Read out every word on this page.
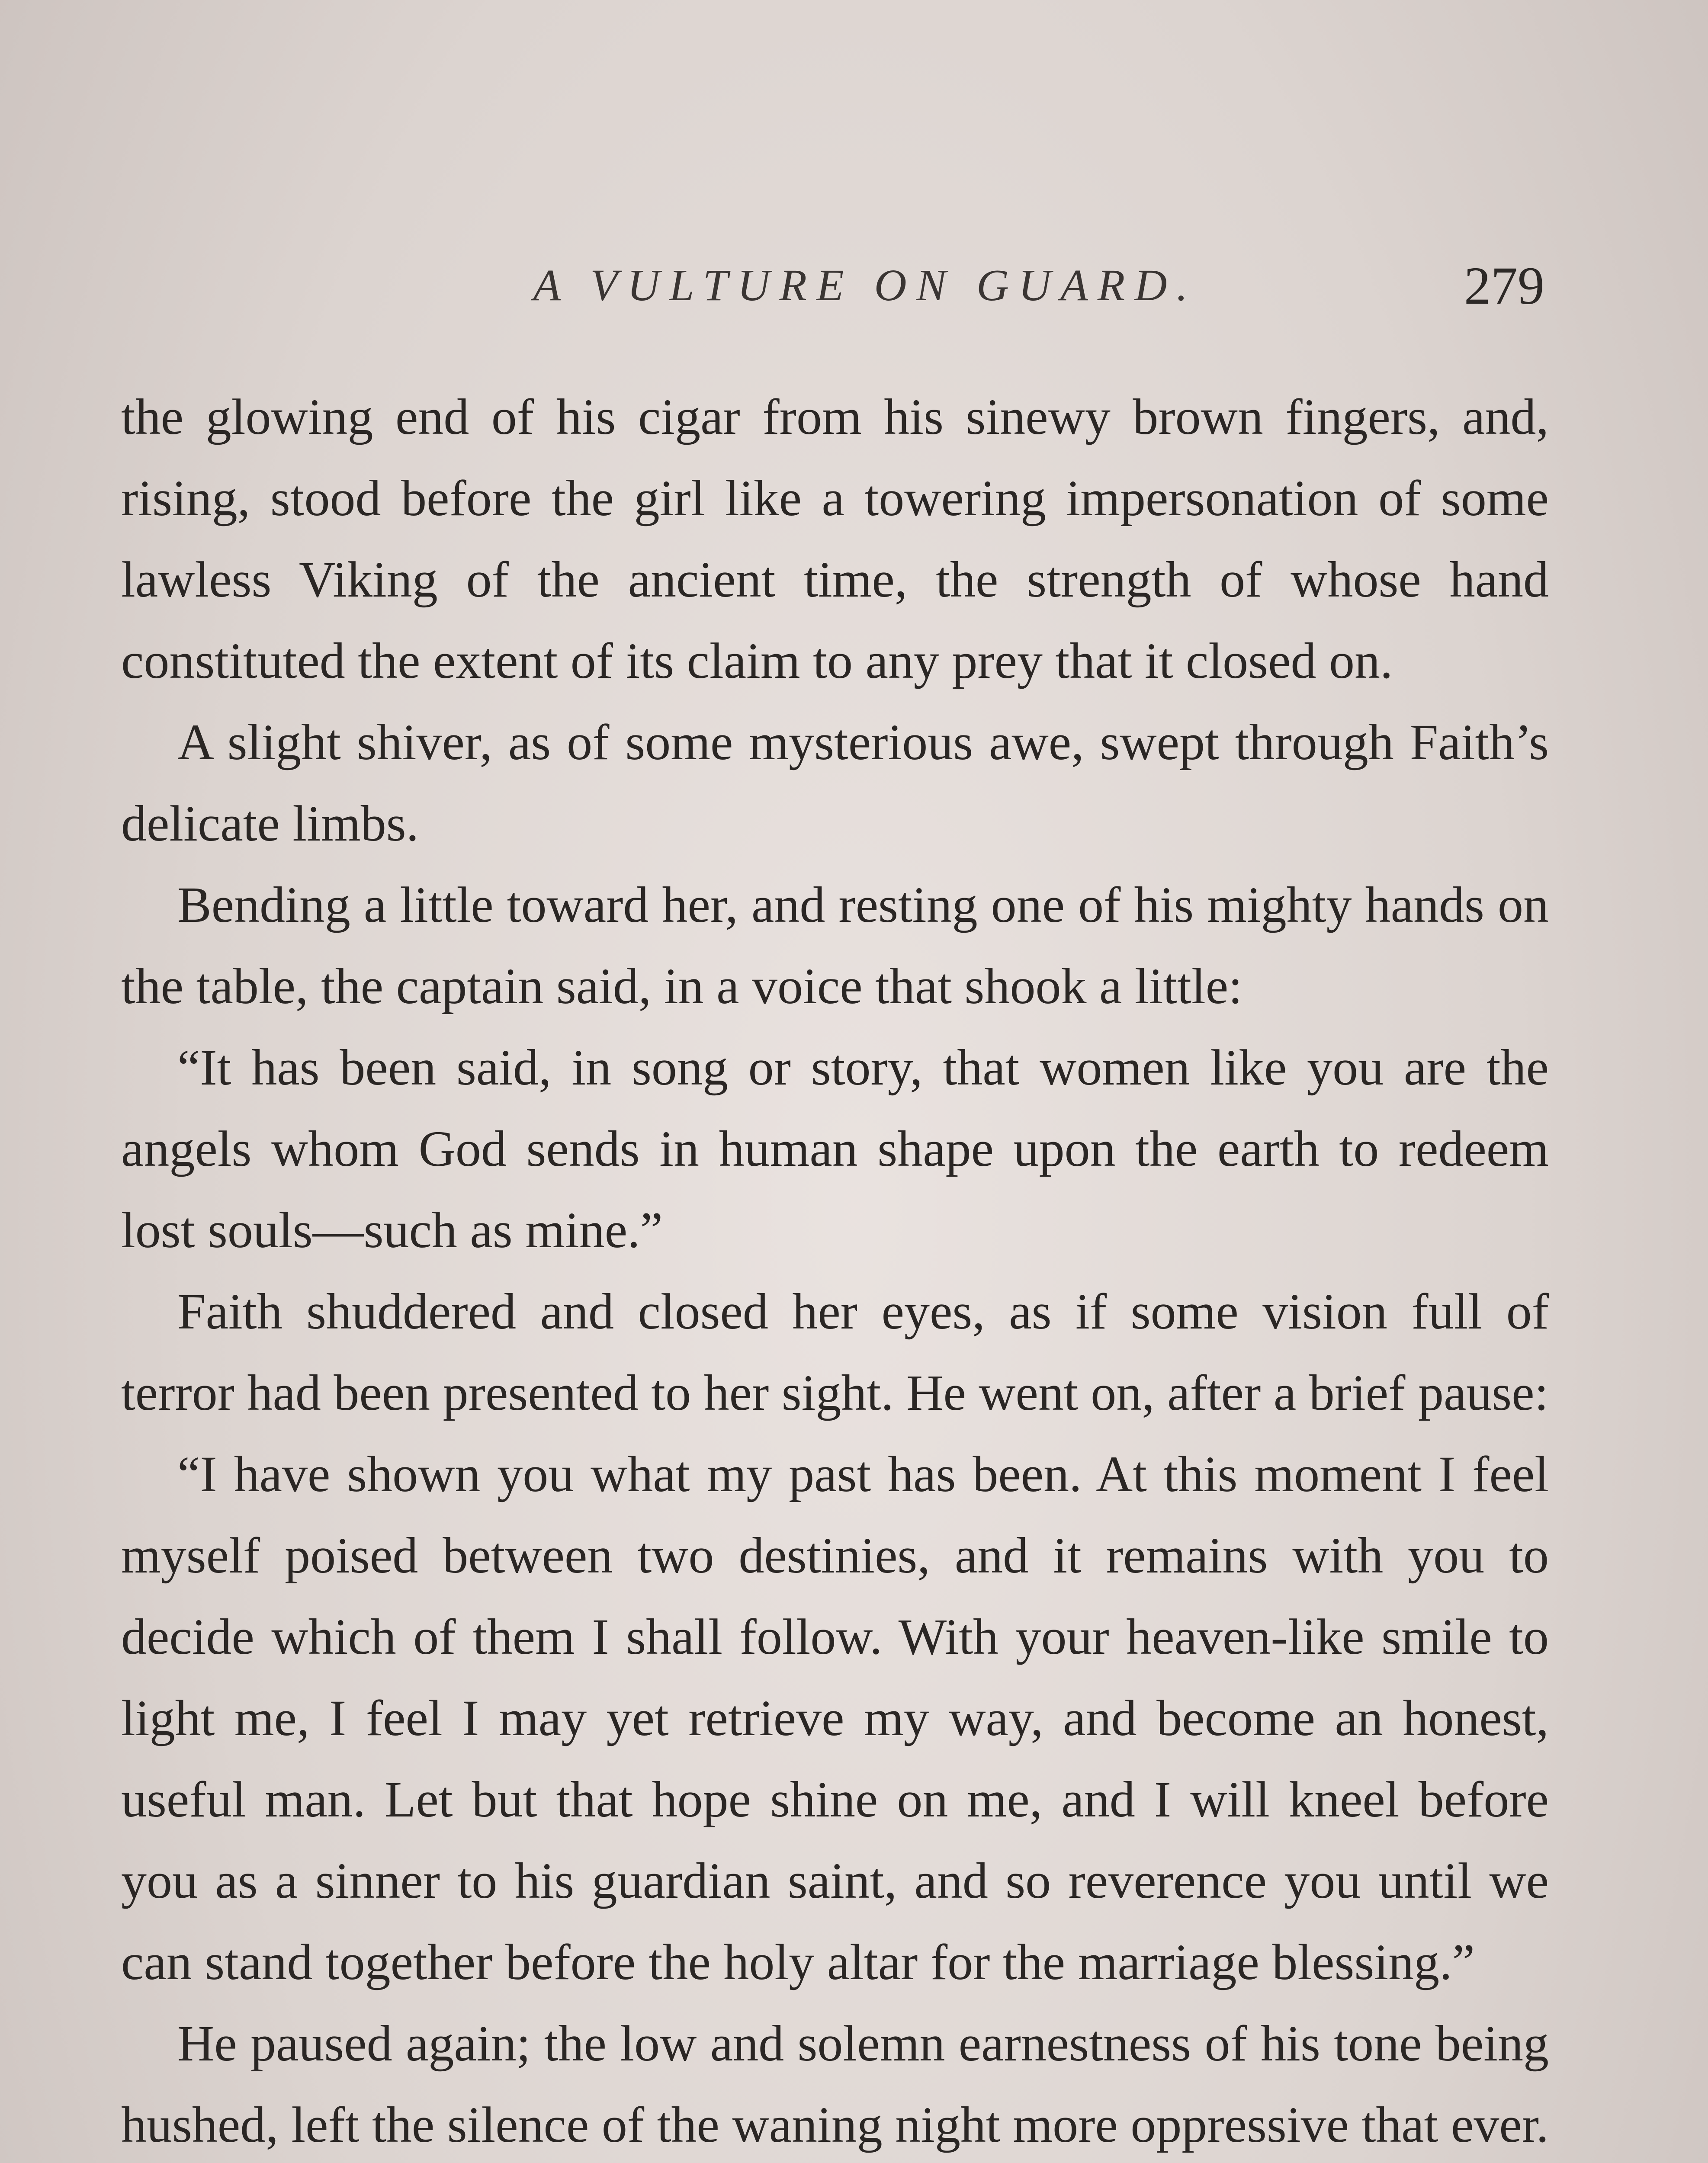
A VULTURE ON GUARD.	279

the glowing end of his cigar from his sinewy brown fingers, and, rising, stood before the girl like a towering impersonation of some lawless Viking of the ancient time, the strength of whose hand constituted the extent of its claim to any prey that it closed on.

A slight shiver, as of some mysterious awe, swept through Faith’s delicate limbs.

Bending a little toward her, and resting one of his mighty hands on the table, the captain said, in a voice that shook a little:

“It has been said, in song or story, that women like you are the angels whom God sends in human shape upon the earth to redeem lost souls—such as mine.”

Faith shuddered and closed her eyes, as if some vision full of terror had been presented to her sight. He went on, after a brief pause:

“I have shown you what my past has been. At this moment I feel myself poised between two destinies, and it remains with you to decide which of them I shall follow. With your heaven-like smile to light me, I feel I may yet retrieve my way, and become an honest, useful man. Let but that hope shine on me, and I will kneel before you as a sinner to his guardian saint, and so reverence you until we can stand together before the holy altar for the marriage blessing.”

He paused again; the low and solemn earnestness of his tone being hushed, left the silence of the waning night more oppressive that ever.
